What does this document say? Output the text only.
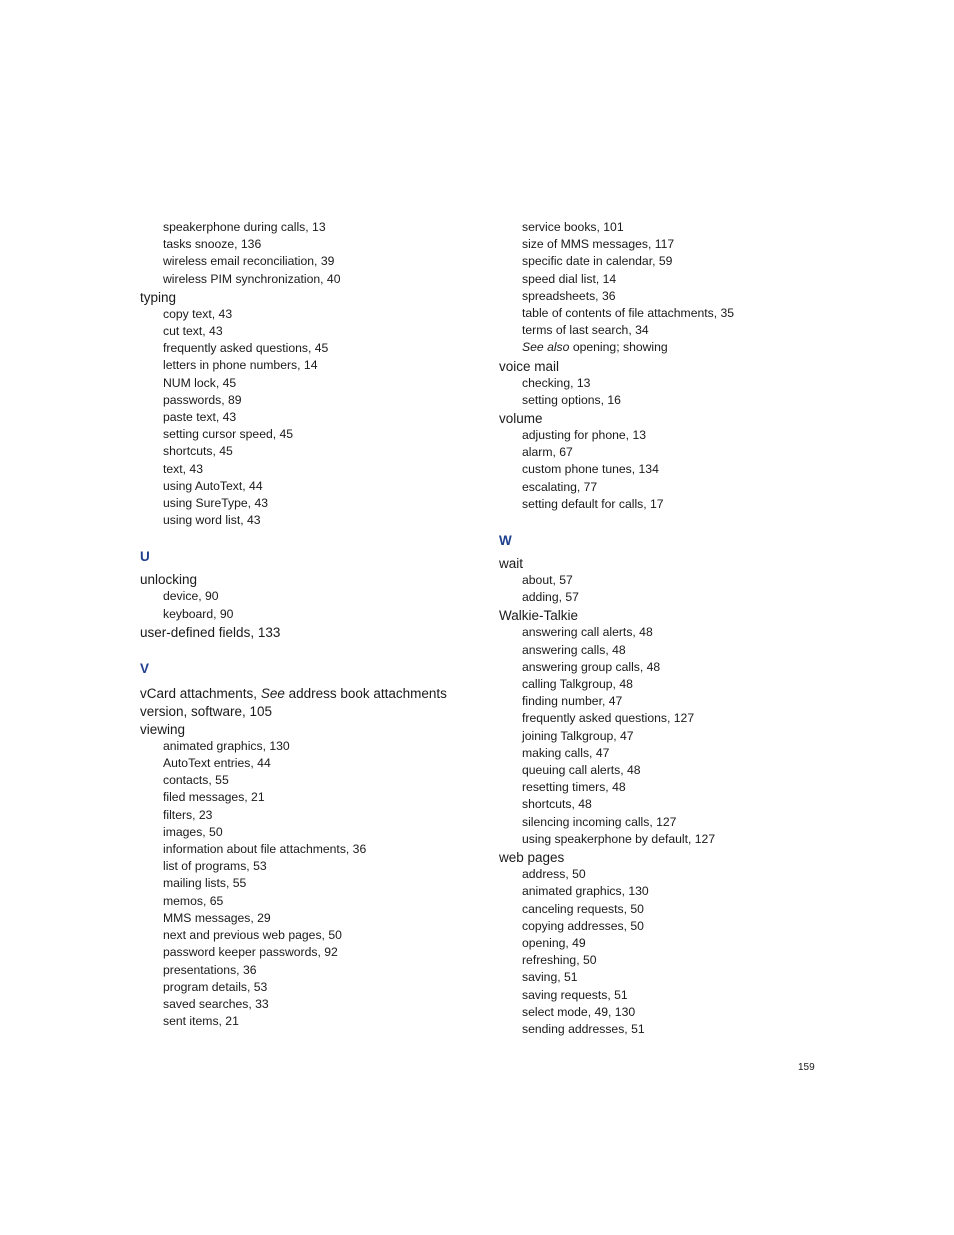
speakerphone during calls, 13
tasks snooze, 136
wireless email reconciliation, 39
wireless PIM synchronization, 40
typing
copy text, 43
cut text, 43
frequently asked questions, 45
letters in phone numbers, 14
NUM lock, 45
passwords, 89
paste text, 43
setting cursor speed, 45
shortcuts, 45
text, 43
using AutoText, 44
using SureType, 43
using word list, 43
U
unlocking
device, 90
keyboard, 90
user-defined fields, 133
V
vCard attachments, See address book attachments
version, software, 105
viewing
animated graphics, 130
AutoText entries, 44
contacts, 55
filed messages, 21
filters, 23
images, 50
information about file attachments, 36
list of programs, 53
mailing lists, 55
memos, 65
MMS messages, 29
next and previous web pages, 50
password keeper passwords, 92
presentations, 36
program details, 53
saved searches, 33
sent items, 21
service books, 101
size of MMS messages, 117
specific date in calendar, 59
speed dial list, 14
spreadsheets, 36
table of contents of file attachments, 35
terms of last search, 34
See also opening; showing
voice mail
checking, 13
setting options, 16
volume
adjusting for phone, 13
alarm, 67
custom phone tunes, 134
escalating, 77
setting default for calls, 17
W
wait
about, 57
adding, 57
Walkie-Talkie
answering call alerts, 48
answering calls, 48
answering group calls, 48
calling Talkgroup, 48
finding number, 47
frequently asked questions, 127
joining Talkgroup, 47
making calls, 47
queuing call alerts, 48
resetting timers, 48
shortcuts, 48
silencing incoming calls, 127
using speakerphone by default, 127
web pages
address, 50
animated graphics, 130
canceling requests, 50
copying addresses, 50
opening, 49
refreshing, 50
saving, 51
saving requests, 51
select mode, 49, 130
sending addresses, 51
159
